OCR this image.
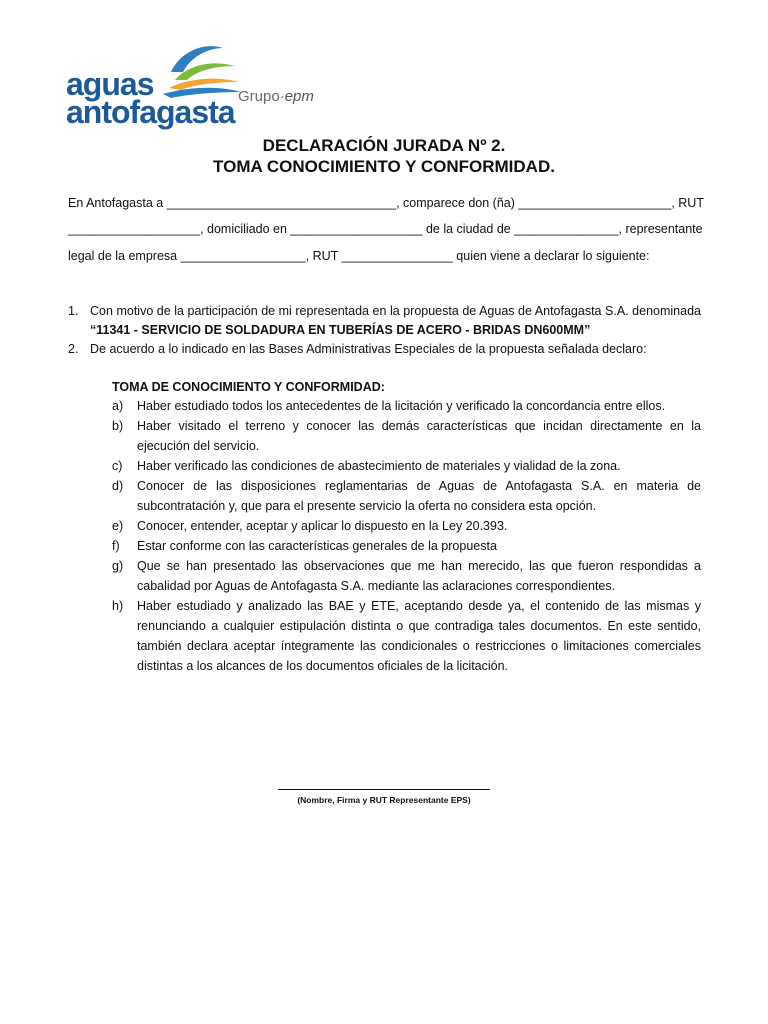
aguas
antofagasta Grupo·epm
DECLARACIÓN JURADA Nº 2.
TOMA CONOCIMIENTO Y CONFORMIDAD.
En Antofagasta a _________________________________, comparece don (ña) ______________________, RUT
___________________, domiciliado en ___________________ de la ciudad de _______________, representante
legal de la empresa __________________, RUT ________________ quien viene a declarar lo siguiente:
1. Con motivo de la participación de mi representada en la propuesta de Aguas de Antofagasta S.A. denominada “11341 - SERVICIO DE SOLDADURA EN TUBERÍAS DE ACERO - BRIDAS DN600MM”
2. De acuerdo a lo indicado en las Bases Administrativas Especiales de la propuesta señalada declaro:
TOMA DE CONOCIMIENTO Y CONFORMIDAD:
a) Haber estudiado todos los antecedentes de la licitación y verificado la concordancia entre ellos.
b) Haber visitado el terreno y conocer las demás características que incidan directamente en la ejecución del servicio.
c) Haber verificado las condiciones de abastecimiento de materiales y vialidad de la zona.
d) Conocer de las disposiciones reglamentarias de Aguas de Antofagasta S.A. en materia de subcontratación y, que para el presente servicio la oferta no considera esta opción.
e) Conocer, entender, aceptar y aplicar lo dispuesto en la Ley 20.393.
f) Estar conforme con las características generales de la propuesta
g) Que se han presentado las observaciones que me han merecido, las que fueron respondidas a cabalidad por Aguas de Antofagasta S.A. mediante las aclaraciones correspondientes.
h) Haber estudiado y analizado las BAE y ETE, aceptando desde ya, el contenido de las mismas y renunciando a cualquier estipulación distinta o que contradiga tales documentos. En este sentido, también declara aceptar íntegramente las condicionales o restricciones o limitaciones comerciales distintas a los alcances de los documentos oficiales de la licitación.
(Nombre, Firma y RUT Representante EPS)
